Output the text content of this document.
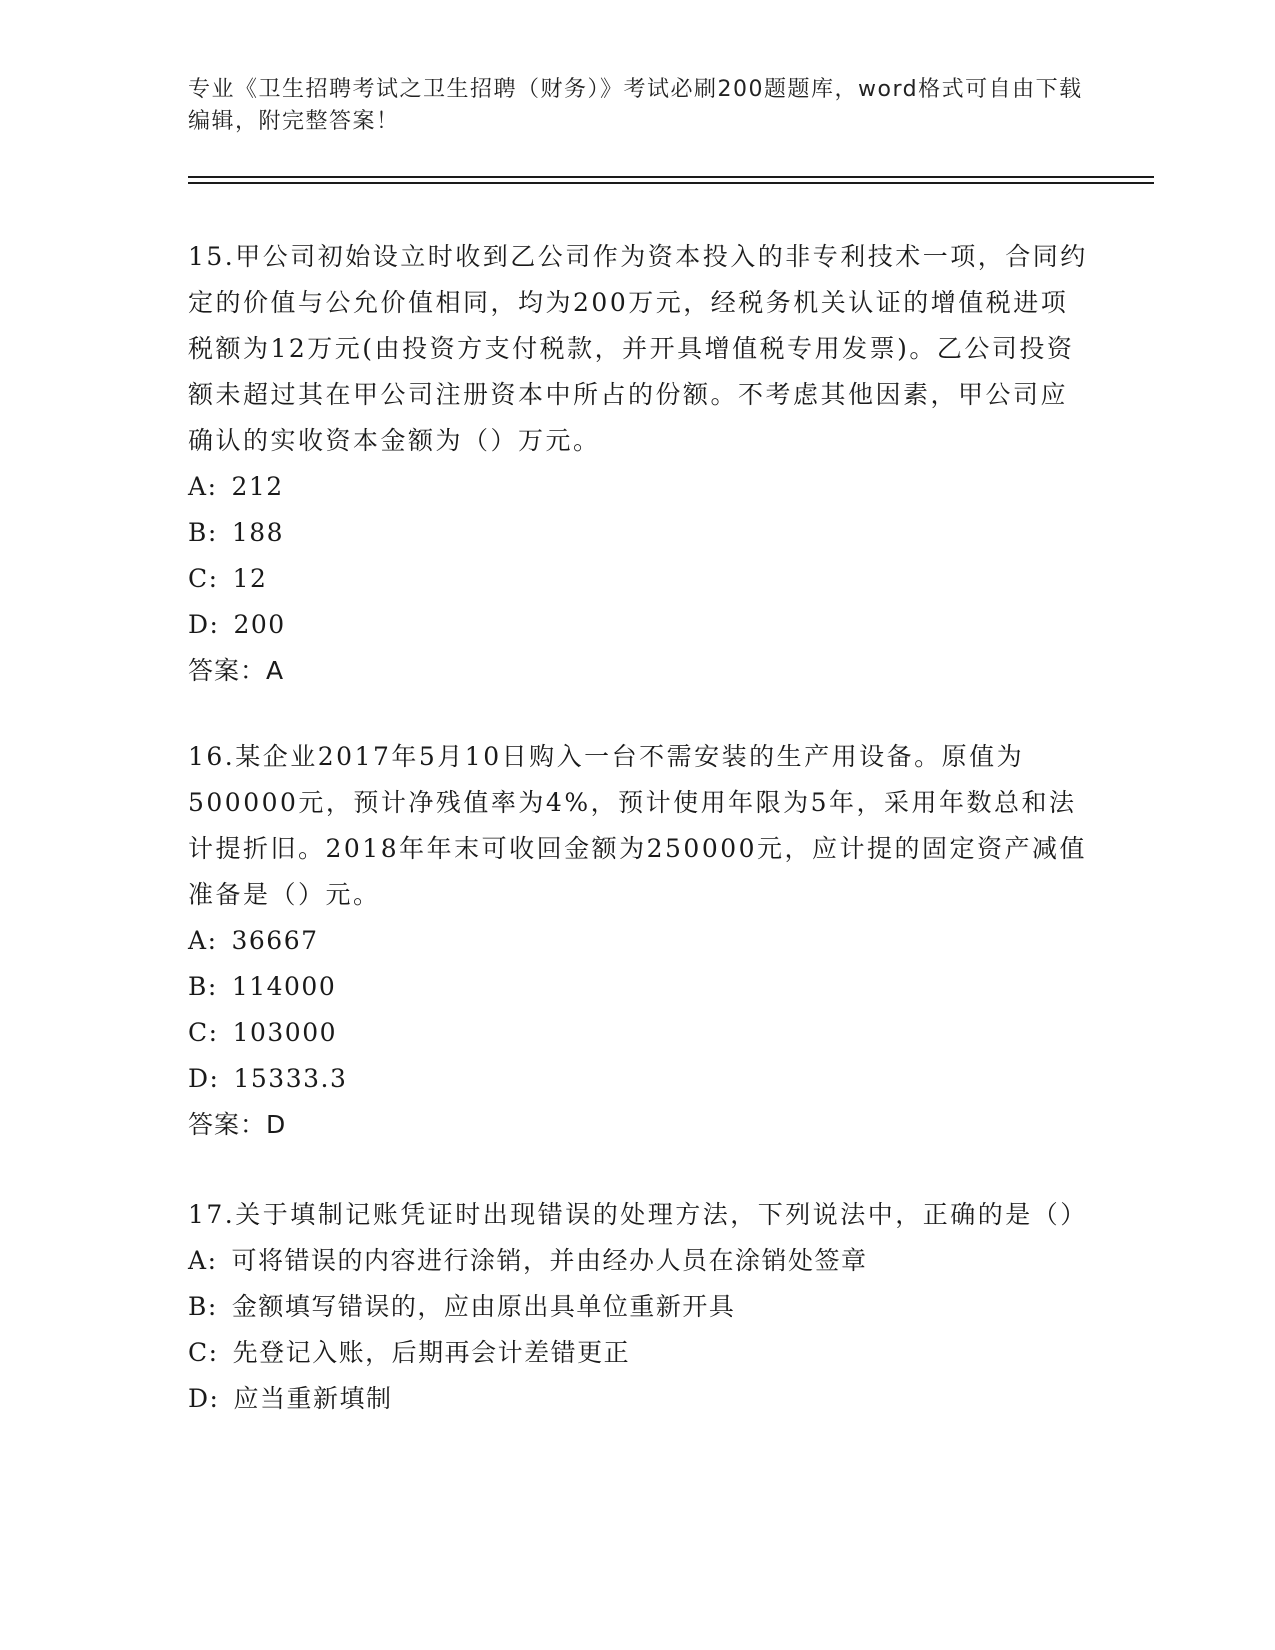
专业《卫生招聘考试之卫生招聘（财务）》考试必刷200题题库，word格式可自由下载编辑，附完整答案！

15.甲公司初始设立时收到乙公司作为资本投入的非专利技术一项，合同约定的价值与公允价值相同，均为200万元，经税务机关认证的增值税进项税额为12万元(由投资方支付税款，并开具增值税专用发票)。乙公司投资额未超过其在甲公司注册资本中所占的份额。不考虑其他因素，甲公司应确认的实收资本金额为（）万元。

A: 212
B: 188
C: 12
D: 200
答案：A

16.某企业2017年5月10日购入一台不需安装的生产用设备。原值为500000元，预计净残值率为4%，预计使用年限为5年，采用年数总和法计提折旧。2018年年末可收回金额为250000元，应计提的固定资产减值准备是（）元。

A: 36667
B: 114000
C: 103000
D: 15333.3
答案：D

17.关于填制记账凭证时出现错误的处理方法，下列说法中，正确的是（）

A: 可将错误的内容进行涂销，并由经办人员在涂销处签章
B: 金额填写错误的，应由原出具单位重新开具
C: 先登记入账，后期再会计差错更正
D: 应当重新填制
